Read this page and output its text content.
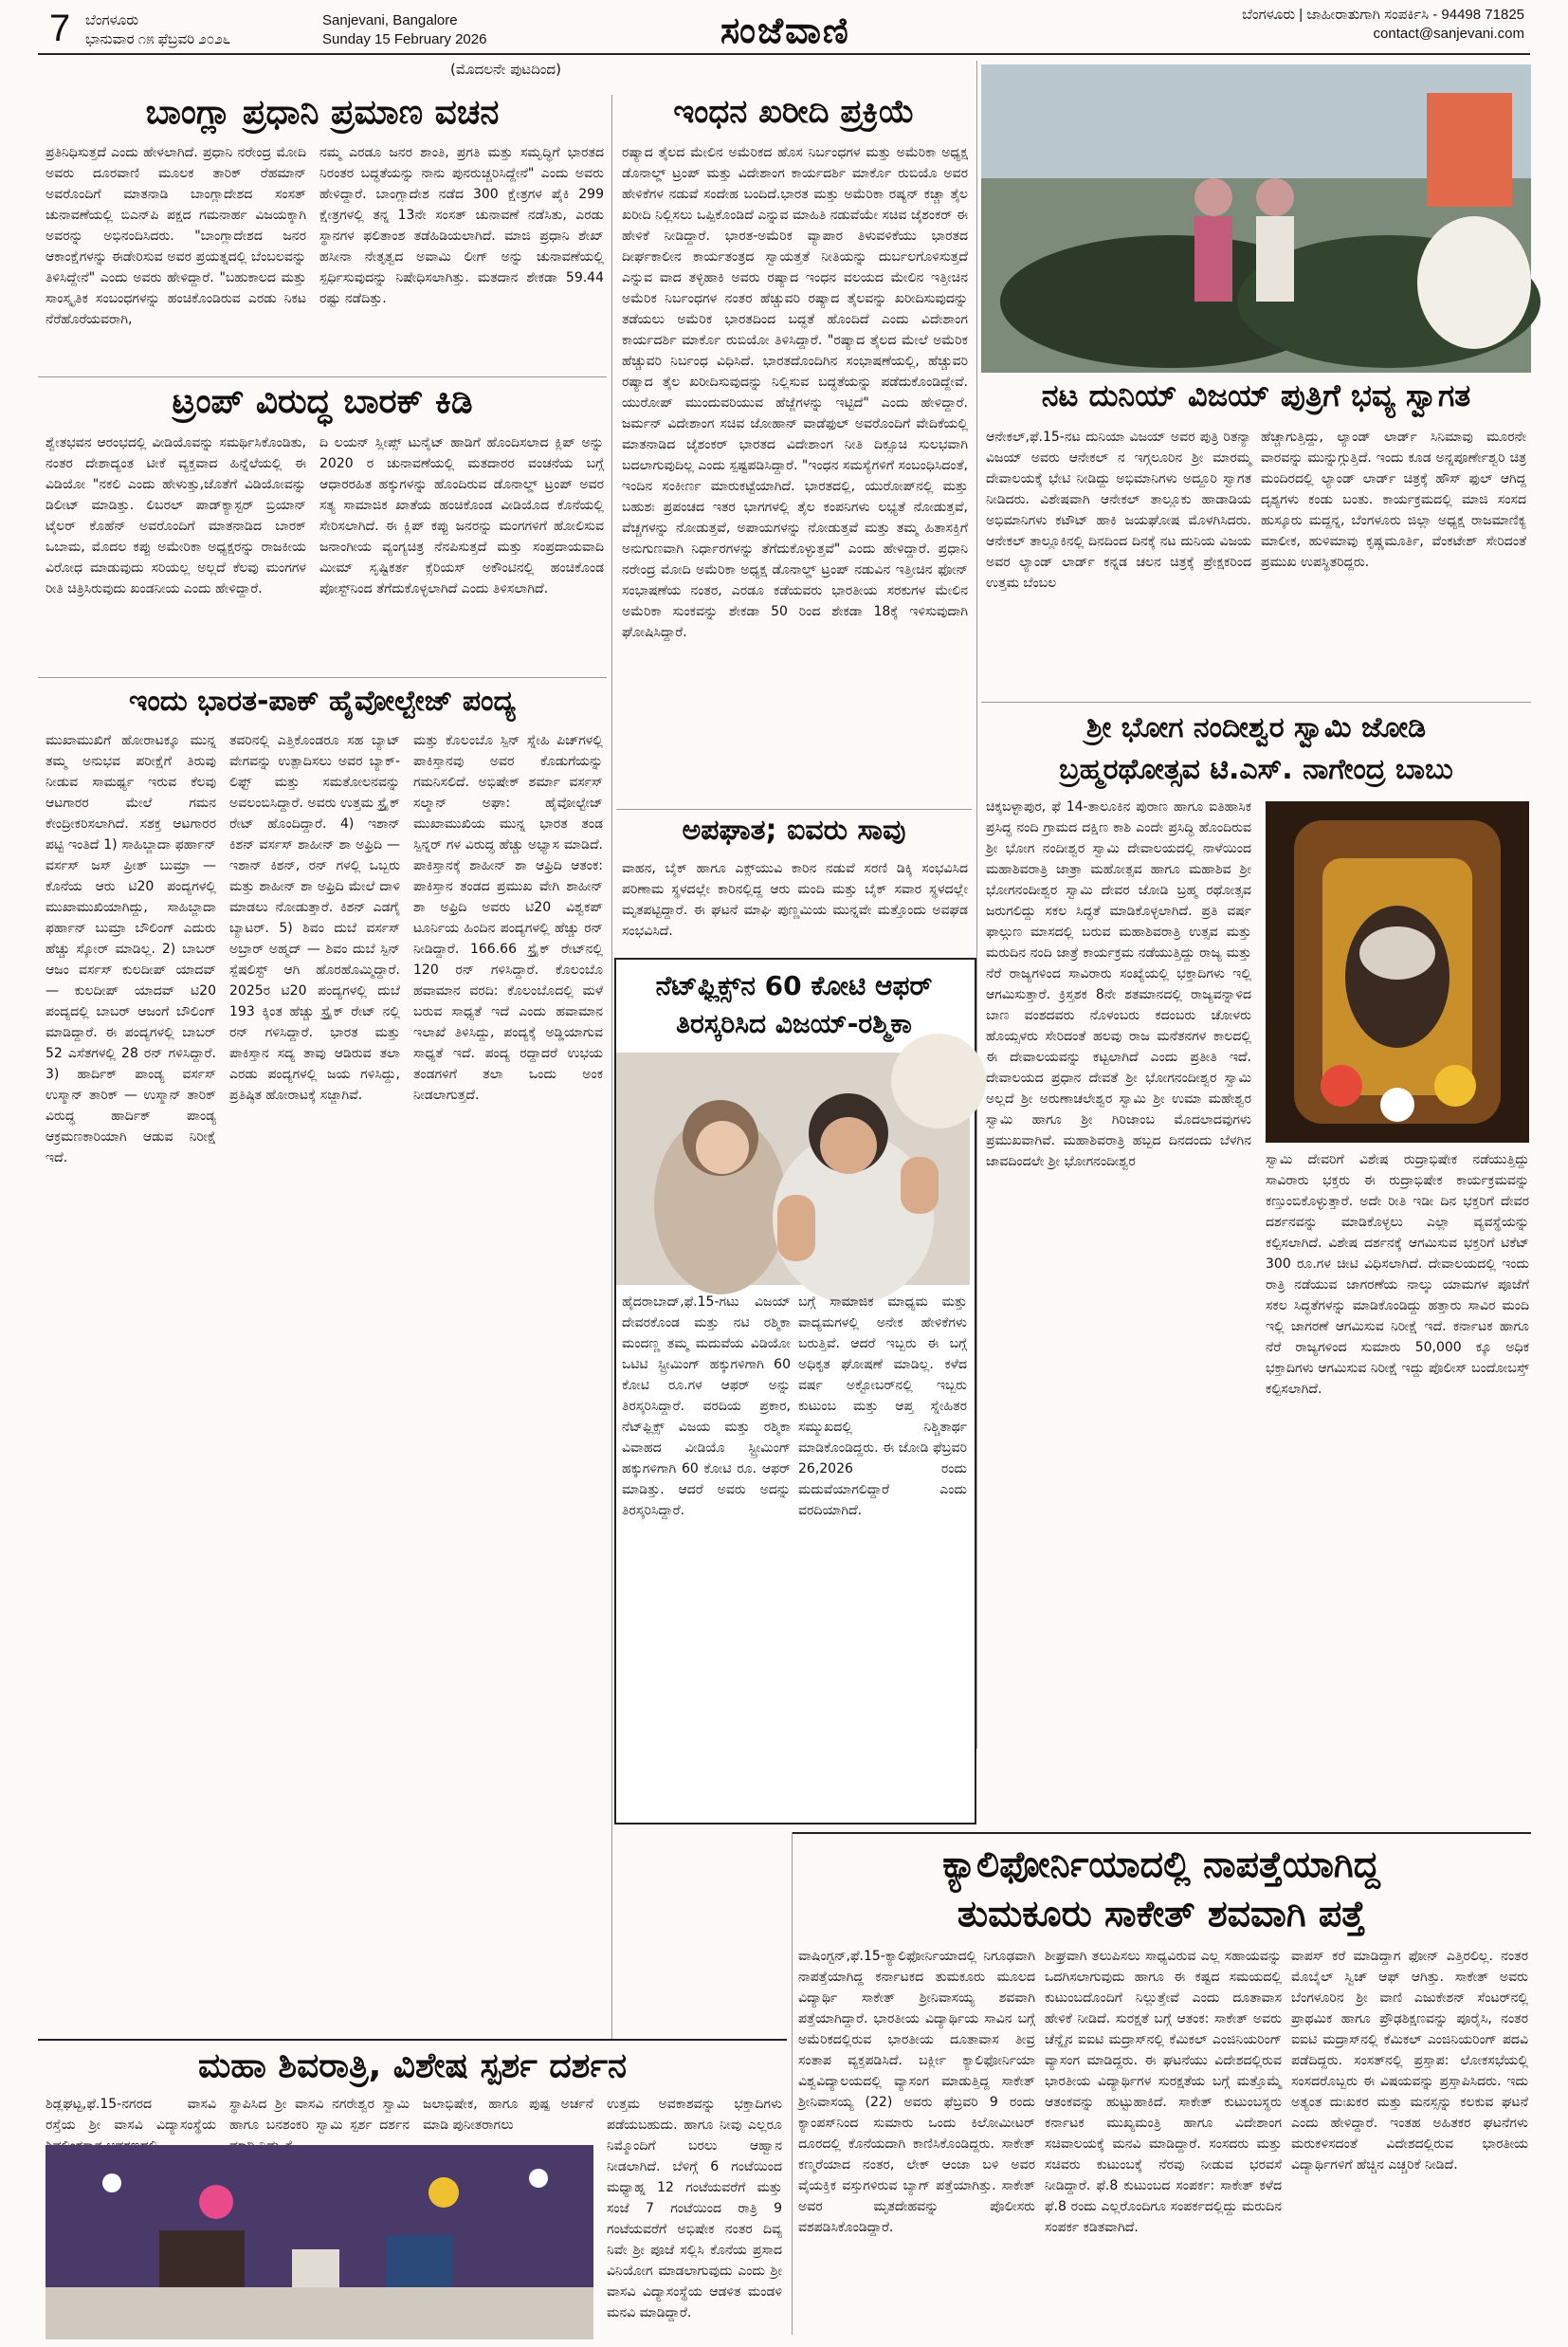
7 ಬೆಂಗಳೂರು
ಭಾನುವಾರ ೧೫ ಫೆಬ್ರವರಿ ೨೦೨೬
Sanjevani, Bangalore
Sunday 15 February 2026	ಸಂಜೆವಾಣಿ	ಬೆಂಗಳೂರು | ಜಾಹೀರಾತುಗಾಗಿ ಸಂಪರ್ಕಿಸಿ - 94498 71825
contact@sanjevani.com
(ಮೊದಲನೇ ಪುಟದಿಂದ)
ಬಾಂಗ್ಲಾ ಪ್ರಧಾನಿ ಪ್ರಮಾಣ ವಚನ
ಪ್ರತಿನಿಧಿಸುತ್ತದೆ ಎಂದು ಹೇಳಲಾಗಿದೆ. ಪ್ರಧಾನಿ ನರೇಂದ್ರ ಮೋದಿ ಅವರು ದೂರವಾಣಿ ಮೂಲಕ ತಾರಿಕ್ ರೆಹಮಾನ್ ಅವರೊಂದಿಗೆ ಮಾತನಾಡಿ ಬಾಂಗ್ಲಾದೇಶದ ಸಂಸತ್ ಚುನಾವಣೆಯಲ್ಲಿ ಬಿಎನ್‌ಪಿ ಪಕ್ಷದ ಗಮನಾರ್ಹ ವಿಜಯಕ್ಕಾಗಿ ಅವರನ್ನು ಅಭಿನಂದಿಸಿದರು. "ಬಾಂಗ್ಲಾದೇಶದ ಜನರ ಆಕಾಂಕ್ಷೆಗಳನ್ನು ಈಡೇರಿಸುವ ಅವರ ಪ್ರಯತ್ನದಲ್ಲಿ ಬೆಂಬಲವನ್ನು ತಿಳಿಸಿದ್ದೇನೆ" ಎಂದು ಅವರು ಹೇಳಿದ್ದಾರೆ. "ಬಹುಕಾಲದ ಮತ್ತು ಸಾಂಸ್ಕೃತಿಕ ಸಂಬಂಧಗಳನ್ನು ಹಂಚಿಕೊಂಡಿರುವ ಎರಡು ನಿಕಟ ನೆರೆಹೊರೆಯವರಾಗಿ,
ನಮ್ಮ ಎರಡೂ ಜನರ ಶಾಂತಿ, ಪ್ರಗತಿ ಮತ್ತು ಸಮೃದ್ಧಿಗೆ ಭಾರತದ ನಿರಂತರ ಬದ್ಧತೆಯನ್ನು ನಾನು ಪುನರುಚ್ಚರಿಸಿದ್ದೇನೆ" ಎಂದು ಅವರು ಹೇಳಿದ್ದಾರೆ. ಬಾಂಗ್ಲಾದೇಶ ನಡೆದ 300 ಕ್ಷೇತ್ರಗಳ ಪೈಕಿ 299 ಕ್ಷೇತ್ರಗಳಲ್ಲಿ ತನ್ನ 13ನೇ ಸಂಸತ್ ಚುನಾವಣೆ ನಡೆಸಿತು, ಎರಡು ಸ್ಥಾನಗಳ ಫಲಿತಾಂಶ ತಡೆಹಿಡಿಯಲಾಗಿದೆ. ಮಾಜಿ ಪ್ರಧಾನಿ ಶೇಖ್ ಹಸೀನಾ ನೇತೃತ್ವದ ಅವಾಮಿ ಲೀಗ್ ಅನ್ನು ಚುನಾವಣೆಯಲ್ಲಿ ಸ್ಪರ್ಧಿಸುವುದನ್ನು ನಿಷೇಧಿಸಲಾಗಿತ್ತು. ಮತದಾನ ಶೇಕಡಾ 59.44 ರಷ್ಟು ನಡೆದಿತ್ತು.
ಟ್ರಂಪ್ ವಿರುದ್ಧ ಬಾರಕ್ ಕಿಡಿ
ಶ್ವೇತಭವನ ಆರಂಭದಲ್ಲಿ ವೀಡಿಯೊವನ್ನು ಸಮರ್ಥಿಸಿಕೊಂಡಿತು, ನಂತರ ದೇಶಾದ್ಯಂತ ಟೀಕೆ ವ್ಯಕ್ತವಾದ ಹಿನ್ನೆಲೆಯಲ್ಲಿ ಈ ವಿಡಿಯೋ "ನಕಲಿ ಎಂದು ಹೇಳುತ್ತು,ಜೊತೆಗೆ ವಿಡಿಯೋವನ್ನು ಡಿಲೀಟ್ ಮಾಡಿತ್ತು. ಲಿಬರಲ್ ಪಾಡ್‌ಕ್ಯಾಸ್ಟರ್ ಬ್ರಿಯಾನ್ ಟೈಲರ್ ಕೊಹೆನ್ ಅವರೊಂದಿಗೆ ಮಾತನಾಡಿದ ಬಾರಕ್ ಒಬಾಮ, ಮೊದಲ ಕಪ್ಪು ಅಮೇರಿಕಾ ಅಧ್ಯಕ್ಷರನ್ನು ರಾಜಕೀಯ ವಿರೋಧ ಮಾಡುವುದು ಸರಿಯಲ್ಲ ಅಲ್ಲದೆ ಕೆಲವು ಮಂಗಗಳ ರೀತಿ ಚಿತ್ರಿಸಿರುವುದು ಖಂಡನೀಯ ಎಂದು ಹೇಳಿದ್ದಾರೆ.
ದಿ ಲಯನ್ ಸ್ಲೀಪ್ಸ್ ಟುನೈಟ್ ಹಾಡಿಗೆ ಹೊಂದಿಸಲಾದ ಕ್ಲಿಪ್ ಅನ್ನು 2020 ರ ಚುನಾವಣೆಯಲ್ಲಿ ಮತದಾರರ ವಂಚನೆಯ ಬಗ್ಗೆ ಆಧಾರರಹಿತ ಹಕ್ಕುಗಳನ್ನು ಹೊಂದಿರುವ ಡೊನಾಲ್ಡ್ ಟ್ರಂಪ್ ಅವರ ಸತ್ಯ ಸಾಮಾಜಿಕ ಖಾತೆಯ ಹಂಚಿಕೊಂಡ ವೀಡಿಯೊದ ಕೊನೆಯಲ್ಲಿ ಸೇರಿಸಲಾಗಿದೆ. ಈ ಕ್ಲಿಪ್ ಕಪ್ಪು ಜನರನ್ನು ಮಂಗಗಳಿಗೆ ಹೋಲಿಸುವ ಜನಾಂಗೀಯ ವ್ಯಂಗ್ಯಚಿತ್ರ ನೆನಪಿಸುತ್ತದೆ ಮತ್ತು ಸಂಪ್ರದಾಯವಾದಿ ಮೀಮ್ ಸೃಷ್ಟಿಕರ್ತ ಕ್ಸೆರಿಯಸ್‌ ಅಕೌಂಟಿನಲ್ಲಿ ಹಂಚಿಕೊಂಡ ಪೋಸ್ಟ್‌ನಿಂದ ತೆಗೆದುಕೊಳ್ಳಲಾಗಿದೆ ಎಂದು ತಿಳಿಸಲಾಗಿದೆ.
ಇಂದು ಭಾರತ-ಪಾಕ್ ಹೈವೋಲ್ಟೇಜ್ ಪಂದ್ಯ
ಮುಖಾಮುಖಿಗೆ ಹೋರಾಟಕ್ಕೂ ಮುನ್ನ ತಮ್ಮ ಅನುಭವ ಪರೀಕ್ಷೆಗೆ ತಿರುವು ನೀಡುವ ಸಾಮರ್ಥ್ಯ ಇರುವ ಕೆಲವು ಆಟಗಾರರ ಮೇಲೆ ಗಮನ ಕೇಂದ್ರೀಕರಿಸಲಾಗಿದೆ. ಸಶಕ್ತ ಆಟಗಾರರ ಪಟ್ಟಿ ಇಂತಿದೆ 1) ಸಾಹಿಬ್ಜಾದಾ ಫರ್ಹಾನ್ ವರ್ಸಸ್ ಜಸ್ ಪ್ರೀತ್ ಬುಮ್ರಾ — ಕೊನೆಯ ಆರು ಟಿ20 ಪಂದ್ಯಗಳಲ್ಲಿ ಮುಖಾಮುಖಿಯಾಗಿದ್ದು, ಸಾಹಿಬ್ಜಾದಾ ಫರ್ಹಾನ್ ಬುಮ್ರಾ ಬೌಲಿಂಗ್ ಎದುರು ಹೆಚ್ಚು ಸ್ಕೋರ್ ಮಾಡಿಲ್ಲ. 2) ಬಾಬರ್ ಆಜಂ ವರ್ಸಸ್ ಕುಲದೀಪ್ ಯಾದವ್ — ಕುಲದೀಪ್ ಯಾದವ್ ಟಿ20 ಪಂದ್ಯದಲ್ಲಿ ಬಾಬರ್ ಆಜಂ‌ಗೆ ಬೌಲಿಂಗ್ ಮಾಡಿದ್ದಾರೆ. ಈ ಪಂದ್ಯಗಳಲ್ಲಿ ಬಾಬರ್ 52 ಎಸೆತಗಳಲ್ಲಿ 28 ರನ್ ಗಳಿಸಿದ್ದಾರೆ. 3) ಹಾರ್ದಿಕ್ ಪಾಂಡ್ಯ ವರ್ಸಸ್ ಉಸ್ಮಾನ್ ತಾರಿಕ್ — ಉಸ್ಮಾನ್ ತಾರಿಕ್ ವಿರುದ್ಧ ಹಾರ್ದಿಕ್ ಪಾಂಡ್ಯ ಆಕ್ರಮಣಕಾರಿಯಾಗಿ ಆಡುವ ನಿರೀಕ್ಷೆ ಇದೆ.
ತವರಿನಲ್ಲಿ ಎತ್ತಿಕೊಂಡರೂ ಸಹ ಬ್ಯಾಟ್ ವೇಗವನ್ನು ಉತ್ಪಾದಿಸಲು ಅವರ ಬ್ಯಾಕ್-ಲಿಫ್ಟ್ ಮತ್ತು ಸಮತೋಲನವನ್ನು ಅವಲಂಬಿಸಿದ್ದಾರೆ. ಅವರು ಉತ್ತಮ ಸ್ಟ್ರೈಕ್ ರೇಟ್ ಹೊಂದಿದ್ದಾರೆ. 4) ಇಶಾನ್ ಕಿಶನ್ ವರ್ಸಸ್ ಶಾಹೀನ್ ಶಾ ಅಫ್ರಿದಿ — ಇಶಾನ್ ಕಿಶನ್, ರನ್ ಗಳಲ್ಲಿ ಒಬ್ಬರು ಮತ್ತು ಶಾಹೀನ್ ಶಾ ಅಫ್ರಿದಿ ಮೇಲೆ ದಾಳಿ ಮಾಡಲು ನೋಡುತ್ತಾರೆ. ಕಿಶನ್ ಎಡಗೈ ಬ್ಯಾಟರ್. 5) ಶಿವಂ ದುಬೆ ವರ್ಸಸ್ ಅಬ್ರಾರ್ ಅಹ್ಮದ್ — ಶಿವಂ ದುಬೆ ಸ್ಪಿನ್ ಸ್ಪೆಷಲಿಸ್ಟ್ ಆಗಿ ಹೊರಹೊಮ್ಮಿದ್ದಾರೆ. 2025ರ ಟಿ20 ಪಂದ್ಯಗಳಲ್ಲಿ ದುಬೆ 193 ಕ್ಕಿಂತ ಹೆಚ್ಚು ಸ್ಟ್ರೈಕ್ ರೇಟ್ ನಲ್ಲಿ ರನ್ ಗಳಿಸಿದ್ದಾರೆ. ಭಾರತ ಮತ್ತು ಪಾಕಿಸ್ತಾನ ಸದ್ಯ ತಾವು ಆಡಿರುವ ತಲಾ ಎರಡು ಪಂದ್ಯಗಳಲ್ಲಿ ಜಯ ಗಳಿಸಿದ್ದು, ಪ್ರತಿಷ್ಠಿತ ಹೋರಾಟಕ್ಕೆ ಸಜ್ಜಾಗಿವೆ.
ಮತ್ತು ಕೊಲಂಬೊ ಸ್ಪಿನ್ ಸ್ನೇಹಿ ಪಿಚ್‌ಗಳಲ್ಲಿ ಪಾಕಿಸ್ತಾನವು ಅವರ ಕೊಡುಗೆಯನ್ನು ಗಮನಿಸಲಿದೆ. ಅಭಿಷೇಕ್ ಶರ್ಮಾ ವರ್ಸಸ್ ಸಲ್ಮಾನ್ ಅಘಾ: ಹೈವೋಲ್ಟೇಜ್ ಮುಖಾಮುಖಿಯ ಮುನ್ನ ಭಾರತ ತಂಡ ಸ್ಪಿನ್ನರ್ ಗಳ ವಿರುದ್ಧ ಹೆಚ್ಚು ಅಭ್ಯಾಸ ಮಾಡಿದೆ. ಪಾಕಿಸ್ತಾನಕ್ಕೆ ಶಾಹೀನ್ ಶಾ ಆಫ್ರಿದಿ ಆತಂಕ: ಪಾಕಿಸ್ತಾನ ತಂಡದ ಪ್ರಮುಖ ವೇಗಿ ಶಾಹೀನ್ ಶಾ ಅಫ್ರಿದಿ ಅವರು ಟಿ20 ವಿಶ್ವಕಪ್ ಟೂರ್ನಿಯ ಹಿಂದಿನ ಪಂದ್ಯಗಳಲ್ಲಿ ಹೆಚ್ಚು ರನ್ ನೀಡಿದ್ದಾರೆ. 166.66 ಸ್ಟ್ರೈಕ್ ರೇಟ್‌ನಲ್ಲಿ 120 ರನ್ ಗಳಿಸಿದ್ದಾರೆ. ಕೊಲಂಬೊ ಹವಾಮಾನ ವರದಿ: ಕೊಲಂಬೊದಲ್ಲಿ ಮಳೆ ಬರುವ ಸಾಧ್ಯತೆ ಇದೆ ಎಂದು ಹವಾಮಾನ ಇಲಾಖೆ ತಿಳಿಸಿದ್ದು, ಪಂದ್ಯಕ್ಕೆ ಅಡ್ಡಿಯಾಗುವ ಸಾಧ್ಯತೆ ಇದೆ. ಪಂದ್ಯ ರದ್ದಾದರೆ ಉಭಯ ತಂಡಗಳಿಗೆ ತಲಾ ಒಂದು ಅಂಕ ನೀಡಲಾಗುತ್ತದೆ.
ಇಂಧನ ಖರೀದಿ ಪ್ರಕ್ರಿಯೆ
ರಷ್ಯಾದ ತೈಲದ ಮೇಲಿನ ಅಮೆರಿಕದ ಹೊಸ ನಿರ್ಬಂಧಗಳ ಮತ್ತು ಅಮೆರಿಕಾ ಅಧ್ಯಕ್ಷ ಡೊನಾಲ್ಡ್ ಟ್ರಂಪ್ ಮತ್ತು ವಿದೇಶಾಂಗ ಕಾರ್ಯದರ್ಶಿ ಮಾರ್ಕೊ ರುಬಿಯೊ ಅವರ ಹೇಳಿಕೆಗಳ ನಡುವೆ ಸಂದೇಹ ಬಂದಿದೆ.ಭಾರತ ಮತ್ತು ಅಮೆರಿಕಾ ರಷ್ಯನ್ ಕಚ್ಚಾ ತೈಲ ಖರೀದಿ ನಿಲ್ಲಿಸಲು ಒಪ್ಪಿಕೊಂಡಿದೆ ಎನ್ನುವ ಮಾಹಿತಿ ನಡುವೆಯೇ ಸಚಿವ ಜೈಶಂಕರ್ ಈ ಹೇಳಿಕೆ ನೀಡಿದ್ದಾರೆ. ಭಾರತ-ಅಮೆರಿಕ ವ್ಯಾಪಾರ ತಿಳುವಳಿಕೆಯು ಭಾರತದ ದೀರ್ಘಕಾಲೀನ ಕಾರ್ಯತಂತ್ರದ ಸ್ವಾಯತ್ತತೆ ನೀತಿಯನ್ನು ದುರ್ಬಲಗೊಳಿಸುತ್ತದೆ ಎನ್ನುವ ವಾದ ತಳ್ಳಿಹಾಕಿ ಅವರು ರಷ್ಯಾದ ಇಂಧನ ವಲಯದ ಮೇಲಿನ ಇತ್ತೀಚಿನ ಅಮೆರಿಕ ನಿರ್ಬಂಧಗಳ ನಂತರ ಹೆಚ್ಚುವರಿ ರಷ್ಯಾದ ತೈಲವನ್ನು ಖರೀದಿಸುವುದನ್ನು ತಡೆಯಲು ಅಮೆರಿಕ ಭಾರತದಿಂದ ಬದ್ಧತೆ ಹೊಂದಿದೆ ಎಂದು ವಿದೇಶಾಂಗ ಕಾರ್ಯದರ್ಶಿ ಮಾರ್ಕೊ ರುಬಿಯೋ ತಿಳಿಸಿದ್ದಾರೆ. "ರಷ್ಯಾದ ತೈಲದ ಮೇಲೆ ಅಮೆರಿಕ ಹೆಚ್ಚುವರಿ ನಿರ್ಬಂಧ ವಿಧಿಸಿದೆ. ಭಾರತದೊಂದಿಗಿನ ಸಂಭಾಷಣೆಯಲ್ಲಿ, ಹೆಚ್ಚುವರಿ ರಷ್ಯಾದ ತೈಲ ಖರೀದಿಸುವುದನ್ನು ನಿಲ್ಲಿಸುವ ಬದ್ಧತೆಯನ್ನು ಪಡೆದುಕೊಂಡಿದ್ದೇವೆ. ಯುರೋಪ್ ಮುಂದುವರಿಯುವ ಹೆಜ್ಜೆಗಳನ್ನು ಇಟ್ಟಿದೆ" ಎಂದು ಹೇಳಿದ್ದಾರೆ. ಜರ್ಮನ್ ವಿದೇಶಾಂಗ ಸಚಿವ ಜೋಹಾನ್ ವಾಡೆಫುಲ್ ಅವರೊಂದಿಗೆ ವೇದಿಕೆಯಲ್ಲಿ ಮಾತನಾಡಿದ ಜೈಶಂಕರ್ ಭಾರತದ ವಿದೇಶಾಂಗ ನೀತಿ ದಿಕ್ಸೂಚಿ ಸುಲಭವಾಗಿ ಬದಲಾಗುವುದಿಲ್ಲ ಎಂದು ಸ್ಪಷ್ಟಪಡಿಸಿದ್ದಾರೆ. "ಇಂಧನ ಸಮಸ್ಯೆಗಳಿಗೆ ಸಂಬಂಧಿಸಿದಂತೆ, ಇಂದಿನ ಸಂಕೀರ್ಣ ಮಾರುಕಟ್ಟೆಯಾಗಿದೆ. ಭಾರತದಲ್ಲಿ, ಯುರೋಪ್‌ನಲ್ಲಿ ಮತ್ತು ಬಹುಶಃ ಪ್ರಪಂಚದ ಇತರ ಭಾಗಗಳಲ್ಲಿ ತೈಲ ಕಂಪನಿಗಳು ಲಭ್ಯತೆ ನೋಡುತ್ತವೆ, ವೆಚ್ಚಗಳನ್ನು ನೋಡುತ್ತವೆ, ಅಪಾಯಗಳನ್ನು ನೋಡುತ್ತವೆ ಮತ್ತು ತಮ್ಮ ಹಿತಾಸಕ್ತಿಗೆ ಅನುಗುಣವಾಗಿ ನಿರ್ಧಾರಗಳನ್ನು ತೆಗೆದುಕೊಳ್ಳುತ್ತವೆ" ಎಂದು ಹೇಳಿದ್ದಾರೆ. ಪ್ರಧಾನಿ ನರೇಂದ್ರ ಮೋದಿ ಅಮೆರಿಕಾ ಅಧ್ಯಕ್ಷ ಡೊನಾಲ್ಡ್ ಟ್ರಂಪ್ ನಡುವಿನ ಇತ್ತೀಚಿನ ಫೋನ್ ಸಂಭಾಷಣೆಯ ನಂತರ, ಎರಡೂ ಕಡೆಯವರು ಭಾರತೀಯ ಸರಕುಗಳ ಮೇಲಿನ ಅಮೆರಿಕಾ ಸುಂಕವನ್ನು ಶೇಕಡಾ 50 ರಿಂದ ಶೇಕಡಾ 18ಕ್ಕೆ ಇಳಿಸುವುದಾಗಿ ಘೋಷಿಸಿದ್ದಾರೆ.
ಅಪಘಾತ; ಐವರು ಸಾವು
ವಾಹನ, ಬೈಕ್ ಹಾಗೂ ಎಕ್ಸ್‌ಯುವಿ ಕಾರಿನ ನಡುವೆ ಸರಣಿ ಡಿಕ್ಕಿ ಸಂಭವಿಸಿದ ಪರಿಣಾಮ ಸ್ಥಳದಲ್ಲೇ ಕಾರಿನಲ್ಲಿದ್ದ ಆರು ಮಂದಿ ಮತ್ತು ಬೈಕ್ ಸವಾರ ಸ್ಥಳದಲ್ಲೇ ಮೃತಪಟ್ಟಿದ್ದಾರೆ. ಈ ಘಟನೆ ಮಾಘಿ ಪುಣ್ಣಮಿಯ ಮುನ್ನವೇ ಮತ್ತೊಂದು ಅವಘಡ ಸಂಭವಿಸಿದೆ.
ನೆಟ್‌ಫ್ಲಿಕ್ಸ್‌ನ 60 ಕೋಟಿ ಆಫರ್
ತಿರಸ್ಕರಿಸಿದ ವಿಜಯ್-ರಶ್ಮಿಕಾ
ಹೈದರಾಬಾದ್,ಫೆ.15-ಗಟು ವಿಜಯ್ ದೇವರಕೊಂಡ ಮತ್ತು ನಟಿ ರಶ್ಮಿಕಾ ಮಂದಣ್ಣ ತಮ್ಮ ಮದುವೆಯ ವಿಡಿಯೋ ಒಟಿಟಿ ಸ್ಟ್ರೀಮಿಂಗ್ ಹಕ್ಕುಗಳಿಗಾಗಿ 60 ಕೋಟಿ ರೂ.ಗಳ ಆಫರ್ ಅನ್ನು ತಿರಸ್ಕರಿಸಿದ್ದಾರೆ. ವರದಿಯ ಪ್ರಕಾರ, ನೆಟ್‌ಫ್ಲಿಕ್ಸ್ ವಿಜಯ ಮತ್ತು ರಶ್ಮಿಕಾ ವಿವಾಹದ ವೀಡಿಯೊ ಸ್ಟ್ರೀಮಿಂಗ್ ಹಕ್ಕುಗಳಿಗಾಗಿ 60 ಕೋಟಿ ರೂ. ಆಫರ್ ಮಾಡಿತ್ತು. ಆದರೆ ಅವರು ಅದನ್ನು ತಿರಸ್ಕರಿಸಿದ್ದಾರೆ.
ಬಗ್ಗೆ ಸಾಮಾಜಿಕ ಮಾಧ್ಯಮ ಮತ್ತು ವಾದ್ಯಮಗಳಲ್ಲಿ ಅನೇಕ ಹೇಳಿಕೆಗಳು ಬರುತ್ತಿವೆ. ಆದರೆ ಇಬ್ಬರು ಈ ಬಗ್ಗೆ ಅಧಿಕೃತ ಘೋಷಣೆ ಮಾಡಿಲ್ಲ. ಕಳೆದ ವರ್ಷ ಅಕ್ಟೋಬರ್‌ನಲ್ಲಿ ಇಬ್ಬರು ಕುಟುಂಬ ಮತ್ತು ಆಪ್ತ ಸ್ನೇಹಿತರ ಸಮ್ಮುಖದಲ್ಲಿ ನಿಶ್ಚಿತಾರ್ಥ ಮಾಡಿಕೊಂಡಿದ್ದರು. ಈ ಜೋಡಿ ಫೆಬ್ರವರಿ 26,2026 ರಂದು ಮದುವೆಯಾಗಲಿದ್ದಾರೆ ಎಂದು ವರದಿಯಾಗಿದೆ.
ನಟ ದುನಿಯ್ ವಿಜಯ್ ಪುತ್ರಿಗೆ ಭವ್ಯ ಸ್ವಾಗತ
ಆನೇಕಲ್,ಫೆ.15-ನಟ ದುನಿಯಾ ವಿಜಯ್ ಅವರ ಪುತ್ರಿ ರಿತನ್ಯಾ ವಿಜಯ್ ಅವರು ಆನೇಕಲ್‌ ನ ಇಗ್ಗಲೂರಿನ ಶ್ರೀ ಮಾರಮ್ಮ ದೇವಾಲಯಕ್ಕೆ ಭೇಟಿ ನೀಡಿದ್ದು ಅಭಿಮಾನಿಗಳು ಅದ್ದೂರಿ ಸ್ವಾಗತ ನೀಡಿದರು. ವಿಶೇಷವಾಗಿ ಆನೇಕಲ್ ತಾಲ್ಲೂಕು ಹಾಡಾಡಿಯ ಅಭಿಮಾನಿಗಳು ಕಟೌಟ್ ಹಾಕಿ ಜಯಘೋಷ ಮೊಳಗಿಸಿದರು. ಆನೇಕಲ್ ತಾಲ್ಲೂಕಿನಲ್ಲಿ ದಿನದಿಂದ ದಿನಕ್ಕೆ ನಟ ದುನಿಯ ವಿಜಯ ಅವರ ಲ್ಯಾಂಡ್ ಲಾರ್ಡ್ ಕನ್ನಡ ಚಲನ ಚಿತ್ರಕ್ಕೆ ಪ್ರೇಕ್ಷಕರಿಂದ ಉತ್ತಮ ಬೆಂಬಲ
ಹೆಚ್ಚಾಗುತ್ತಿದ್ದು, ಲ್ಯಾಂಡ್ ಲಾರ್ಡ್ ಸಿನಿಮಾವು ಮೂರನೇ ವಾರವನ್ನು ಮುನ್ನುಗ್ಗುತ್ತಿದೆ. ಇಂದು ಕೂಡ ಅನ್ನಪೂರ್ಣೇಶ್ವರಿ ಚಿತ್ರ ಮಂದಿರದಲ್ಲಿ ಲ್ಯಾಂಡ್ ಲಾರ್ಡ್ ಚಿತ್ರಕ್ಕೆ ಹೌಸ್ ಫುಲ್ ಆಗಿದ್ದ ದೃಶ್ಯಗಳು ಕಂಡು ಬಂತು. ಕಾರ್ಯಕ್ರಮದಲ್ಲಿ ಮಾಜಿ ಸಂಸದ ಹುಸ್ಕೂರು ಮದ್ದನ್ನ, ಬೆಂಗಳೂರು ಜಿಲ್ಲಾ ಅಧ್ಯಕ್ಷ ರಾಜಮಾಣಿಕ್ಯ ಮಾಲೀಕ, ಹುಳಿಮಾವು ಕೃಷ್ಣಮೂರ್ತಿ, ವೆಂಕಟೇಶ್ ಸೇರಿದಂತೆ ಪ್ರಮುಖ ಉಪಸ್ಥಿತರಿದ್ದರು.
ಶ್ರೀ ಭೋಗ ನಂದೀಶ್ವರ ಸ್ವಾಮಿ ಜೋಡಿ
ಬ್ರಹ್ಮರಥೋತ್ಸವ ಟಿ.ಎಸ್. ನಾಗೇಂದ್ರ ಬಾಬು
ಚಿಕ್ಕಬಳ್ಳಾಪುರ, ಫೆ 14-ತಾಲೂಕಿನ ಪುರಾಣ ಹಾಗೂ ಐತಿಹಾಸಿಕ ಪ್ರಸಿದ್ಧ ನಂದಿ ಗ್ರಾಮದ ದಕ್ಷಿಣ ಕಾಶಿ ಎಂದೇ ಪ್ರಸಿದ್ಧಿ ಹೊಂದಿರುವ ಶ್ರೀ ಭೋಗ ನಂದೀಶ್ವರ ಸ್ವಾಮಿ ದೇವಾಲಯದಲ್ಲಿ ನಾಳೆಯಿಂದ ಮಹಾಶಿವರಾತ್ರಿ ಜಾತ್ರಾ ಮಹೋತ್ಸವ ಹಾಗೂ ಮಹಾಶಿವ ಶ್ರೀ ಭೋಗನಂದೀಶ್ವರ ಸ್ವಾಮಿ ದೇವರ ಜೋಡಿ ಬ್ರಹ್ಮ ರಥೋತ್ಸವ ಜರುಗಲಿದ್ದು ಸಕಲ ಸಿದ್ಧತೆ ಮಾಡಿಕೊಳ್ಳಲಾಗಿದೆ. ಪ್ರತಿ ವರ್ಷ ಫಾಲ್ಗುಣ ಮಾಸದಲ್ಲಿ ಬರುವ ಮಹಾಶಿವರಾತ್ರಿ ಉತ್ಸವ ಮತ್ತು ಮರುದಿನ ನಂದಿ ಜಾತ್ರೆ ಕಾರ್ಯಕ್ರಮ ನಡೆಯುತ್ತಿದ್ದು ರಾಜ್ಯ ಮತ್ತು ನೆರೆ ರಾಜ್ಯಗಳಿಂದ ಸಾವಿರಾರು ಸಂಖ್ಯೆಯಲ್ಲಿ ಭಕ್ತಾದಿಗಳು ಇಲ್ಲಿ ಆಗಮಿಸುತ್ತಾರೆ. ಕ್ರಿಸ್ತಶಕ 8ನೇ ಶತಮಾನದಲ್ಲಿ ರಾಜ್ಯವನ್ನಾಳಿದ ಬಾಣ ವಂಶದವರು ನೊಳಂಬರು ಕದಂಬರು ಚೋಳರು ಹೊಯ್ಸಳರು ಸೇರಿದಂತೆ ಹಲವು ರಾಜ ಮನೆತನಗಳ ಕಾಲದಲ್ಲಿ ಈ ದೇವಾಲಯವನ್ನು ಕಟ್ಟಲಾಗಿದೆ ಎಂದು ಪ್ರತೀತಿ ಇದೆ. ದೇವಾಲಯದ ಪ್ರಧಾನ ದೇವತೆ ಶ್ರೀ ಭೋಗನಂದೀಶ್ವರ ಸ್ವಾಮಿ ಅಲ್ಲದೆ ಶ್ರೀ ಅರುಣಾಚಲೇಶ್ವರ ಸ್ವಾಮಿ ಶ್ರೀ ಉಮಾ ಮಹೇಶ್ವರ ಸ್ವಾಮಿ ಹಾಗೂ ಶ್ರೀ ಗಿರಿಜಾಂಬ ಮೊದಲಾದವುಗಳು ಪ್ರಮುಖವಾಗಿವೆ. ಮಹಾಶಿವರಾತ್ರಿ ಹಬ್ಬದ ದಿನದಂದು ಬೆಳಗಿನ ಜಾವದಿಂದಲೇ ಶ್ರೀ ಭೋಗನಂದೀಶ್ವರ	ಸ್ವಾಮಿ ದೇವರಿಗೆ ವಿಶೇಷ ರುದ್ರಾಭಿಷೇಕ ನಡೆಯುತ್ತಿದ್ದು ಸಾವಿರಾರು ಭಕ್ತರು ಈ ರುದ್ರಾಭಿಷೇಕ ಕಾರ್ಯಕ್ರಮವನ್ನು ಕಣ್ತುಂಬಿಕೊಳ್ಳುತ್ತಾರೆ. ಅದೇ ರೀತಿ ಇಡೀ ದಿನ ಭಕ್ತರಿಗೆ ದೇವರ ದರ್ಶನವನ್ನು ಮಾಡಿಕೊಳ್ಳಲು ಎಲ್ಲಾ ವ್ಯವಸ್ಥೆಯನ್ನು ಕಲ್ಪಿಸಲಾಗಿದೆ. ವಿಶೇಷ ದರ್ಶನಕ್ಕೆ ಆಗಮಿಸುವ ಭಕ್ತರಿಗೆ ಟಿಕೆಟ್ 300 ರೂ.ಗಳ ಚೀಟಿ ವಿಧಿಸಲಾಗಿದೆ. ದೇವಾಲಯದಲ್ಲಿ ಇಂದು ರಾತ್ರಿ ನಡೆಯುವ ಜಾಗರಣೆಯ ನಾಲ್ಕು ಯಾಮಗಳ ಪೂಜೆಗೆ ಸಕಲ ಸಿದ್ಧತೆಗಳನ್ನು ಮಾಡಿಕೊಂಡಿದ್ದು ಹತ್ತಾರು ಸಾವಿರ ಮಂದಿ ಇಲ್ಲಿ ಜಾಗರಣೆ ಆಗಮಿಸುವ ನಿರೀಕ್ಷೆ ಇದೆ. ಕರ್ನಾಟಕ ಹಾಗೂ ನೆರೆ ರಾಜ್ಯಗಳಿಂದ ಸುಮಾರು 50,000 ಕ್ಕೂ ಅಧಿಕ ಭಕ್ತಾದಿಗಳು ಆಗಮಿಸುವ ನಿರೀಕ್ಷೆ ಇದ್ದು ಪೊಲೀಸ್ ಬಂದೋಬಸ್ತ್ ಕಲ್ಪಿಸಲಾಗಿದೆ.
ಕ್ಯಾಲಿಫೋರ್ನಿಯಾದಲ್ಲಿ ನಾಪತ್ತೆಯಾಗಿದ್ದ
ತುಮಕೂರು ಸಾಕೇತ್ ಶವವಾಗಿ ಪತ್ತೆ
ವಾಷಿಂಗ್ಟನ್,ಫೆ.15-ಕ್ಯಾಲಿಫೋರ್ನಿಯಾದಲ್ಲಿ ನಿಗೂಢವಾಗಿ ನಾಪತ್ತೆಯಾಗಿದ್ದ ಕರ್ನಾಟಕದ ತುಮಕೂರು ಮೂಲದ ವಿದ್ಯಾರ್ಥಿ ಸಾಕೇತ್ ಶ್ರೀನಿವಾಸಯ್ಯ ಶವವಾಗಿ ಪತ್ತೆಯಾಗಿದ್ದಾರೆ. ಭಾರತೀಯ ವಿದ್ಯಾರ್ಥಿಯ ಸಾವಿನ ಬಗ್ಗೆ ಅಮೆರಿಕದಲ್ಲಿರುವ ಭಾರತೀಯ ದೂತಾವಾಸ ತೀವ್ರ ಸಂತಾಪ ವ್ಯಕ್ತಪಡಿಸಿದೆ. ಬರ್ಕ್ಲೀ ಕ್ಯಾಲಿಫೋರ್ನಿಯಾ ವಿಶ್ವವಿದ್ಯಾಲಯದಲ್ಲಿ ವ್ಯಾಸಂಗ ಮಾಡುತ್ತಿದ್ದ ಸಾಕೇತ್ ಶ್ರೀನಿವಾಸಯ್ಯ (22) ಅವರು ಫೆಬ್ರವರಿ 9 ರಂದು ಕ್ಯಾಂಪಸ್‌ನಿಂದ ಸುಮಾರು ಒಂದು ಕಿಲೋಮೀಟರ್ ದೂರದಲ್ಲಿ ಕೊನೆಯದಾಗಿ ಕಾಣಿಸಿಕೊಂಡಿದ್ದರು. ಸಾಕೇತ್ ಕಣ್ಮರೆಯಾದ ನಂತರ, ಲೇಕ್ ಆಂಜಾ ಬಳಿ ಅವರ ವೈಯಕ್ತಿಕ ವಸ್ತುಗಳಿರುವ ಬ್ಯಾಗ್ ಪತ್ತೆಯಾಗಿತ್ತು. ಸಾಕೇತ್ ಅವರ ಮೃತದೇಹವನ್ನು ಪೊಲೀಸರು ವಶಪಡಿಸಿಕೊಂಡಿದ್ದಾರೆ.
ಶೀಘ್ರವಾಗಿ ತಲುಪಿಸಲು ಸಾಧ್ಯವಿರುವ ಎಲ್ಲ ಸಹಾಯವನ್ನು ಒದಗಿಸಲಾಗುವುದು ಹಾಗೂ ಈ ಕಷ್ಟದ ಸಮಯದಲ್ಲಿ ಕುಟುಂಬದೊಂದಿಗೆ ನಿಲ್ಲುತ್ತೇವೆ ಎಂದು ದೂತಾವಾಸ ಹೇಳಿಕೆ ನೀಡಿದೆ. ಸುರಕ್ಷತೆ ಬಗ್ಗೆ ಆತಂಕ: ಸಾಕೇತ್ ಅವರು ಚೆನ್ನೈನ ಐಐಟಿ ಮದ್ರಾಸ್‌ನಲ್ಲಿ ಕೆಮಿಕಲ್ ಎಂಜಿನಿಯರಿಂಗ್ ವ್ಯಾಸಂಗ ಮಾಡಿದ್ದರು. ಈ ಘಟನೆಯು ವಿದೇಶದಲ್ಲಿರುವ ಭಾರತೀಯ ವಿದ್ಯಾರ್ಥಿಗಳ ಸುರಕ್ಷತೆಯ ಬಗ್ಗೆ ಮತ್ತೊಮ್ಮೆ ಆತಂಕವನ್ನು ಹುಟ್ಟುಹಾಕಿದೆ. ಸಾಕೇತ್ ಕುಟುಂಬಸ್ಥರು ಕರ್ನಾಟಕ ಮುಖ್ಯಮಂತ್ರಿ ಹಾಗೂ ವಿದೇಶಾಂಗ ಸಚಿವಾಲಯಕ್ಕೆ ಮನವಿ ಮಾಡಿದ್ದಾರೆ. ಸಂಸದರು ಮತ್ತು ಸಚಿವರು ಕುಟುಂಬಕ್ಕೆ ನೆರವು ನೀಡುವ ಭರವಸೆ ನೀಡಿದ್ದಾರೆ. ಫೆ.8 ಕುಟುಂಬದ ಸಂಪರ್ಕ: ಸಾಕೇತ್ ಕಳೆದ ಫೆ.8 ರಂದು ಎಲ್ಲರೊಂದಿಗೂ ಸಂಪರ್ಕದಲ್ಲಿದ್ದು ಮರುದಿನ ಸಂಪರ್ಕ ಕಡಿತವಾಗಿದೆ.
ವಾಪಸ್ ಕರೆ ಮಾಡಿದ್ದಾಗ ಫೋನ್ ಎತ್ತಿರಲಿಲ್ಲ. ನಂತರ ಮೊಬೈಲ್ ಸ್ವಿಚ್ ಆಫ್ ಆಗಿತ್ತು. ಸಾಕೇತ್ ಅವರು ಬೆಂಗಳೂರಿನ ಶ್ರೀ ವಾಣಿ ಎಜುಕೇಶನ್ ಸೆಂಟರ್‌ನಲ್ಲಿ ಪ್ರಾಥಮಿಕ ಹಾಗೂ ಪ್ರೌಢಶಿಕ್ಷಣವನ್ನು ಪೂರೈಸಿ, ನಂತರ ಐಐಟಿ ಮದ್ರಾಸ್‌ನಲ್ಲಿ ಕೆಮಿಕಲ್ ಎಂಜಿನಿಯರಿಂಗ್ ಪದವಿ ಪಡೆದಿದ್ದರು. ಸಂಸತ್‌ನಲ್ಲಿ ಪ್ರಸ್ತಾಪ: ಲೋಕಸಭೆಯಲ್ಲಿ ಸಂಸದರೊಬ್ಬರು ಈ ವಿಷಯವನ್ನು ಪ್ರಸ್ತಾಪಿಸಿದರು. ಇದು ಅತ್ಯಂತ ದುಃಖಕರ ಮತ್ತು ಮನಸ್ಸನ್ನು ಕಲಕುವ ಘಟನೆ ಎಂದು ಹೇಳಿದ್ದಾರೆ. ಇಂತಹ ಅಹಿತಕರ ಘಟನೆಗಳು ಮರುಕಳಿಸದಂತೆ ವಿದೇಶದಲ್ಲಿರುವ ಭಾರತೀಯ ವಿದ್ಯಾರ್ಥಿಗಳಿಗೆ ಹೆಚ್ಚಿನ ಎಚ್ಚರಿಕೆ ನೀಡಿದೆ.
ಮಹಾ ಶಿವರಾತ್ರಿ, ವಿಶೇಷ ಸ್ಪರ್ಶ ದರ್ಶನ
ಶಿಡ್ಲಘಟ್ಟ,ಫೆ.15-ನಗರದ ವಾಸವಿ ರಸ್ತೆಯ ಶ್ರೀ ವಾಸವಿ ವಿದ್ಯಾಸಂಸ್ಥೆಯ
ಸ್ಥಾಪಿಸಿದ ಶ್ರೀ ವಾಸವಿ ನಗರೇಶ್ವರ ಸ್ವಾಮಿ ಹಾಗೂ ಬನಶಂಕರಿ ಸ್ವಾಮಿ ಸ್ಪರ್ಶ ದರ್ಶನ
ಜಲಾಭಿಷೇಕ, ಹಾಗೂ ಪುಷ್ಪ ಅರ್ಚನೆ ಮಾಡಿ ಪುನೀತರಾಗಲು
ಉತ್ತಮ ಅವಕಾಶವನ್ನು ಭಕ್ತಾದಿಗಳು ಪಡೆಯಬಹುದು. ಹಾಗೂ ನೀವು ಎಲ್ಲರೂ ನಿಮ್ಮೊಂದಿಗೆ ಬರಲು ಆಹ್ವಾನ ನೀಡಲಾಗಿದೆ. ಬೆಳಿಗ್ಗೆ 6 ಗಂಟೆಯಿಂದ ಮಧ್ಯಾಹ್ನ 12 ಗಂಟೆಯವರೆಗೆ ಮತ್ತು ಸಂಜೆ 7 ಗಂಟೆಯಿಂದ ರಾತ್ರಿ 9 ಗಂಟೆಯವರೆಗೆ ಅಭಿಷೇಕ ನಂತರ ದಿವ್ಯ ನಿವೇ ಶ್ರೀ ಪೂಜೆ ಸಲ್ಲಿಸಿ ಕೊನೆಯ ಪ್ರಸಾದ ವಿನಿಯೋಗ ಮಾಡಲಾಗುವುದು ಎಂದು ಶ್ರೀ ವಾಸವಿ ವಿದ್ಯಾಸಂಸ್ಥೆಯ ಆಡಳಿತ ಮಂಡಳಿ ಮನವಿ ಮಾಡಿದ್ದಾರೆ.
